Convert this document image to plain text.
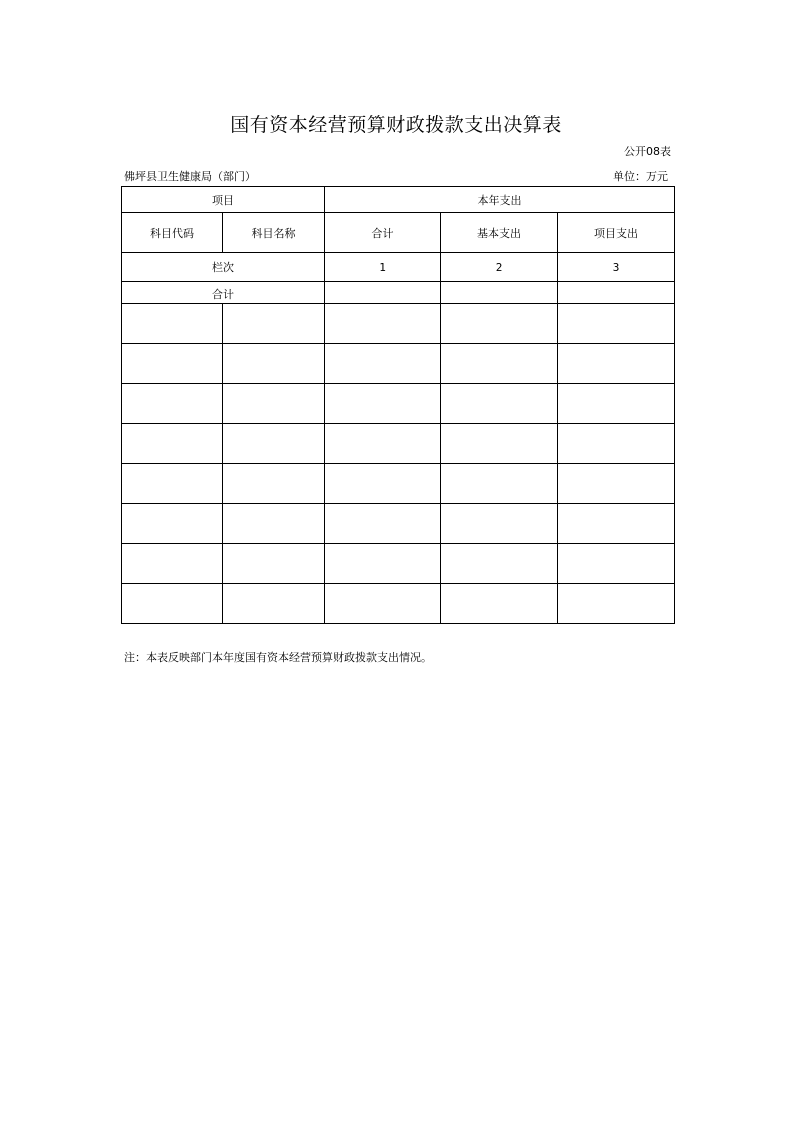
国有资本经营预算财政拨款支出决算表
公开08表
佛坪县卫生健康局（部门）	单位：万元
项目		本年支出		
科目代码	科目名称	合计	基本支出	项目支出
栏次		1	2	3
合计				

注：本表反映部门本年度国有资本经营预算财政拨款支出情况。
